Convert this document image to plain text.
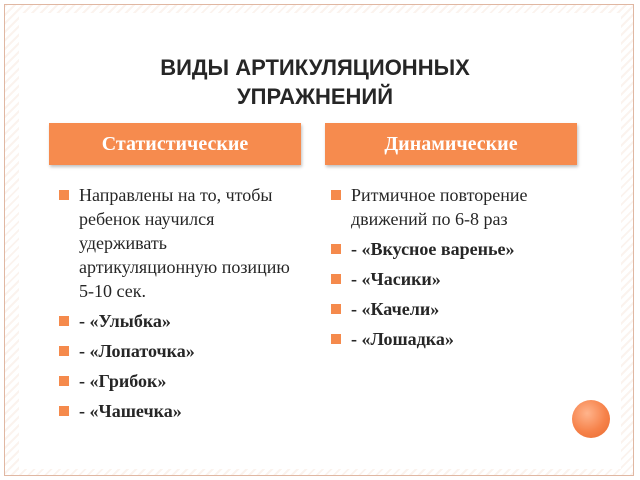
ВИДЫ АРТИКУЛЯЦИОННЫХ
УПРАЖНЕНИЙ
Статистические	Динамические
Направлены на то, чтобы ребенок научился удерживать артикуляционную позицию 5-10 сек.
- «Улыбка»
- «Лопаточка»
- «Грибок»
- «Чашечка»
Ритмичное повторение движений по 6-8 раз
- «Вкусное варенье»
- «Часики»
- «Качели»
- «Лошадка»
